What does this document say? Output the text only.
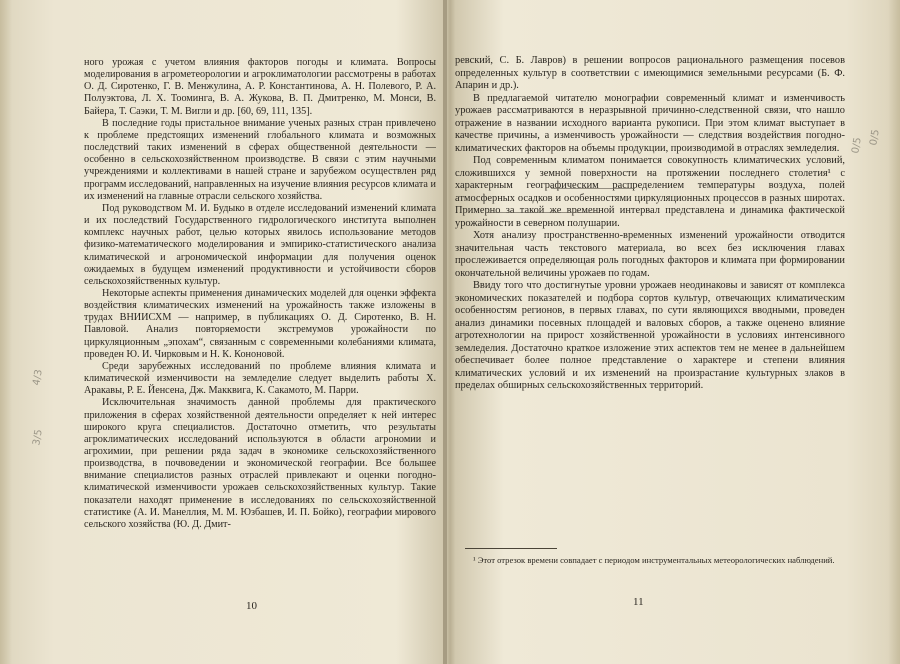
ного урожая с учетом влияния факторов погоды и климата. Вопросы моделирования в агрометеорологии и агроклиматологии рассмотрены в работах О. Д. Сиротенко, Г. В. Менжулина, А. Р. Константинова, А. Н. Полевого, Р. А. Полуэктова, Л. Х. Тооминга, В. А. Жукова, В. П. Дмитренко, М. Монси, В. Байера, Т. Саэки, Т. М. Вигли и др. [60, 69, 111, 135].

В последние годы пристальное внимание ученых разных стран привлечено к проблеме предстоящих изменений глобального климата и возможных последствий таких изменений в сферах общественной деятельности — особенно в сельскохозяйственном производстве. В связи с этим научными учреждениями и коллективами в нашей стране и зарубежом осуществлен ряд программ исследований, направленных на изучение влияния ресурсов климата и их изменений на главные отрасли сельского хозяйства.

Под руководством М. И. Будыко в отделе исследований изменений климата и их последствий Государственного гидрологического института выполнен комплекс научных работ, целью которых явилось использование методов физико-математического моделирования и эмпирико-статистического анализа климатической и агрономической информации для получения оценок ожидаемых в будущем изменений продуктивности и устойчивости сборов сельскохозяйственных культур.

Некоторые аспекты применения динамических моделей для оценки эффекта воздействия климатических изменений на урожайность также изложены в трудах ВНИИСХМ — например, в публикациях О. Д. Сиротенко, В. Н. Павловой. Анализ повторяемости экстремумов урожайности по циркуляционным „эпохам“, связанным с современными колебаниями климата, проведен Ю. И. Чирковым и Н. К. Кононовой.

Среди зарубежных исследований по проблеме влияния климата и климатической изменчивости на земледелие следует выделить работы Х. Аракавы, Р. Е. Йенсена, Дж. Макквига, К. Сакамото, М. Парри.

Исключительная значимость данной проблемы для практического приложения в сферах хозяйственной деятельности определяет к ней интерес широкого круга специалистов. Достаточно отметить, что результаты агроклиматических исследований используются в области агрономии и агрохимии, при решении ряда задач в экономике сельскохозяйственного производства, в почвоведении и экономической географии. Все большее внимание специалистов разных отраслей привлекают и оценки погодно-климатической изменчивости урожаев сельскохозяйственных культур. Такие показатели находят применение в исследованиях по сельскохозяйственной статистике (А. И. Манеллия, М. М. Юзбашев, И. П. Бойко), географии мирового сельского хозяйства (Ю. Д. Дмит-

4/3
3/5
10

ревский, С. Б. Лавров) в решении вопросов рационального размещения посевов определенных культур в соответствии с имеющимися земельными ресурсами (Б. Ф. Апарин и др.).

В предлагаемой читателю монографии современный климат и изменчивость урожаев рассматриваются в неразрывной причинно-следственной связи, что нашло отражение в названии исходного варианта рукописи. При этом климат выступает в качестве причины, а изменчивость урожайности — следствия воздействия погодно-климатических факторов на объемы продукции, производимой в отраслях земледелия.

Под современным климатом понимается совокупность климатических условий, сложившихся у земной поверхности на протяжении последнего столетия¹ с характерным географическим распределением температуры воздуха, полей атмосферных осадков и особенностями циркуляционных процессов в разных широтах. Примерно за такой же временной интервал представлена и динамика фактической урожайности в северном полушарии.

Хотя анализу пространственно-временных изменений урожайности отводится значительная часть текстового материала, во всех без исключения главах прослеживается определяющая роль погодных факторов и климата при формировании окончательной величины урожаев по годам.

Ввиду того что достигнутые уровни урожаев неодинаковы и зависят от комплекса экономических показателей и подбора сортов культур, отвечающих климатическим особенностям регионов, в первых главах, по сути являющихся вводными, проведен анализ динамики посевных площадей и валовых сборов, а также оценено влияние агротехнологии на прирост хозяйственной урожайности в условиях интенсивного земледелия. Достаточно краткое изложение этих аспектов тем не менее в дальнейшем обеспечивает более полное представление о характере и степени влияния климатических условий и их изменений на произрастание культурных злаков в пределах обширных сельскохозяйственных территорий.

0/5 0/5
¹ Этот отрезок времени совпадает с периодом инструментальных метеорологических наблюдений.
11
